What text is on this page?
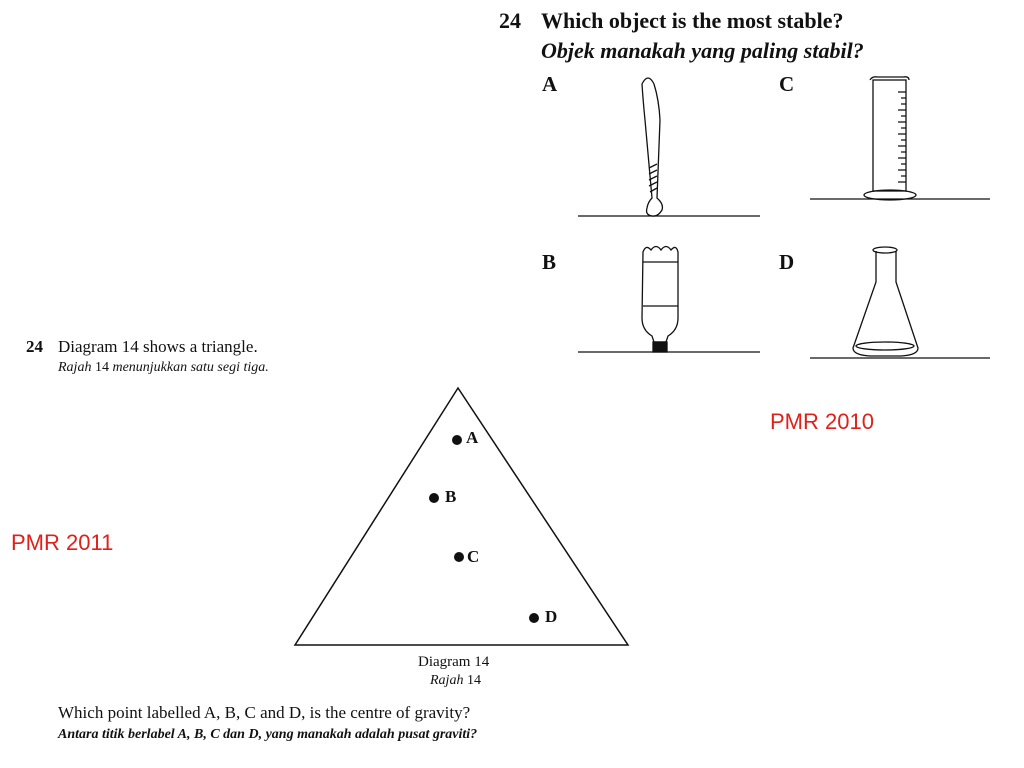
24 Which object is the most stable?
Objek manakah yang paling stabil?
A	C
B	D
PMR 2010
PMR 2011
24 Diagram 14 shows a triangle.
Rajah 14 menunjukkan satu segi tiga.
A
B
C
D
Diagram 14
Rajah 14
Which point labelled A, B, C and D, is the centre of gravity?
Antara titik berlabel A, B, C dan D, yang manakah adalah pusat graviti?
